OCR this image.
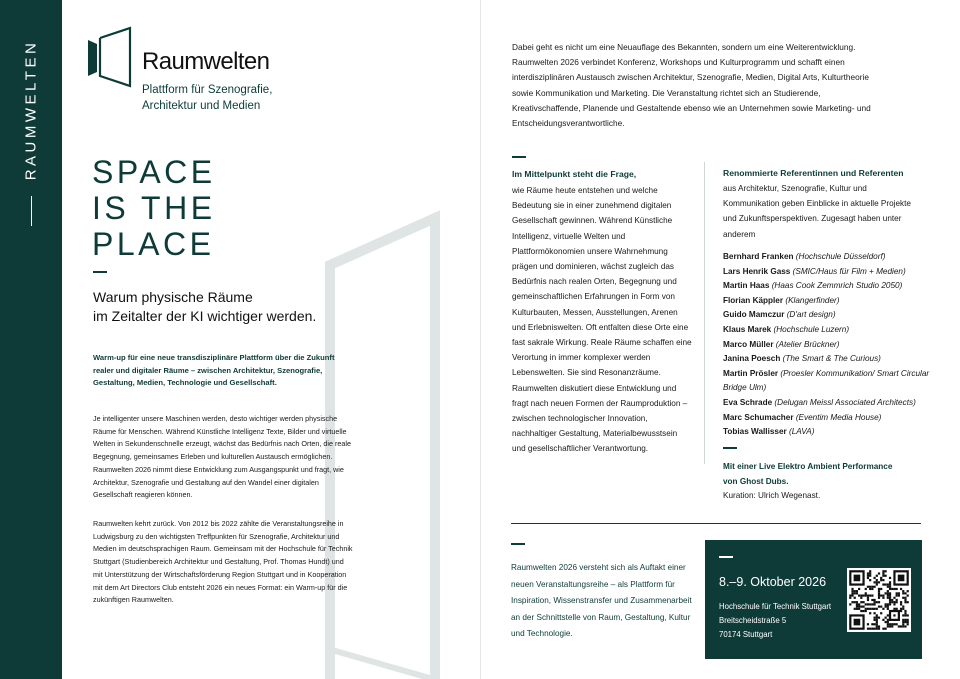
RAUMWELTEN	Raumwelten
Plattform für Szenografie,
Architektur und Medien
SPACE
IS THE
PLACE
Warum physische Räume
im Zeitalter der KI wichtiger werden.
Warm-up für eine neue transdisziplinäre Plattform über die Zukunft realer und digitaler Räume – zwischen Architektur, Szenografie, Gestaltung, Medien, Technologie und Gesellschaft.
Je intelligenter unsere Maschinen werden, desto wichtiger werden physische Räume für Menschen. Während Künstliche Intelligenz Texte, Bilder und virtuelle Welten in Sekundenschnelle erzeugt, wächst das Bedürfnis nach Orten, die reale Begegnung, gemeinsames Erleben und kulturellen Austausch ermöglichen. Raumwelten 2026 nimmt diese Entwicklung zum Ausgangspunkt und fragt, wie Architektur, Szenografie und Gestaltung auf den Wandel einer digitalen Gesellschaft reagieren können.
Raumwelten kehrt zurück. Von 2012 bis 2022 zählte die Veranstaltungsreihe in Ludwigsburg zu den wichtigsten Treffpunkten für Szenografie, Architektur und Medien im deutschsprachigen Raum. Gemeinsam mit der Hochschule für Technik Stuttgart (Studienbereich Architektur und Gestaltung, Prof. Thomas Hundt) und mit Unterstützung der Wirtschaftsförderung Region Stuttgart und in Kooperation mit dem Art Directors Club entsteht 2026 ein neues Format: ein Warm-up für die zukünftigen Raumwelten.
Dabei geht es nicht um eine Neuauflage des Bekannten, sondern um eine Weiterentwicklung. Raumwelten 2026 verbindet Konferenz, Workshops und Kulturprogramm und schafft einen interdisziplinären Austausch zwischen Architektur, Szenografie, Medien, Digital Arts, Kulturtheorie sowie Kommunikation und Marketing. Die Veranstaltung richtet sich an Studierende, Kreativschaffende, Planende und Gestaltende ebenso wie an Unternehmen sowie Marketing- und Entscheidungsverantwortliche.
Im Mittelpunkt steht die Frage,
wie Räume heute entstehen und welche Bedeutung sie in einer zunehmend digitalen Gesellschaft gewinnen. Während Künstliche Intelligenz, virtuelle Welten und Plattformökonomien unsere Wahrnehmung prägen und dominieren, wächst zugleich das Bedürfnis nach realen Orten, Begegnung und gemeinschaftlichen Erfahrungen in Form von Kulturbauten, Messen, Ausstellungen, Arenen und Erlebniswelten. Oft entfalten diese Orte eine fast sakrale Wirkung. Reale Räume schaffen eine Verortung in immer komplexer werden Lebenswelten. Sie sind Resonanzräume. Raumwelten diskutiert diese Entwicklung und fragt nach neuen Formen der Raumproduktion – zwischen technologischer Innovation, nachhaltiger Gestaltung, Materialbewusstsein und gesellschaftlicher Verantwortung.
Renommierte Referentinnen und Referenten
aus Architektur, Szenografie, Kultur und Kommunikation geben Einblicke in aktuelle Projekte und Zukunftsperspektiven. Zugesagt haben unter anderem
Bernhard Franken (Hochschule Düsseldorf)
Lars Henrik Gass (SMIC/Haus für Film + Medien)
Martin Haas (Haas Cook Zemmrich Studio 2050)
Florian Käppler (Klangerfinder)
Guido Mamczur (D'art design)
Klaus Marek (Hochschule Luzern)
Marco Müller (Atelier Brückner)
Janina Poesch (The Smart & The Curious)
Martin Prösler (Proesler Kommunikation/ Smart Circular Bridge Ulm)
Eva Schrade (Delugan Meissl Associated Architects)
Marc Schumacher (Eventim Media House)
Tobias Wallisser (LAVA)
Mit einer Live Elektro Ambient Performance
von Ghost Dubs.
Kuration: Ulrich Wegenast.
Raumwelten 2026 versteht sich als Auftakt einer neuen Veranstaltungsreihe – als Plattform für Inspiration, Wissenstransfer und Zusammenarbeit an der Schnittstelle von Raum, Gestaltung, Kultur und Technologie.
8.–9. Oktober 2026
Hochschule für Technik Stuttgart
Breitscheidstraße 5
70174 Stuttgart
